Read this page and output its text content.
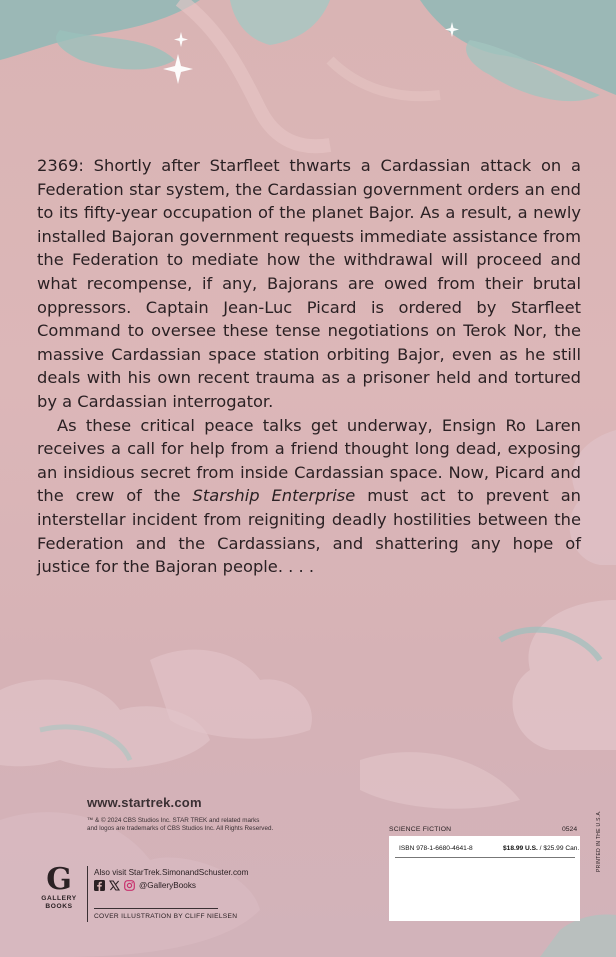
2369: Shortly after Starfleet thwarts a Cardassian attack on a Federation star system, the Cardassian government orders an end to its fifty-year occupation of the planet Bajor. As a result, a newly installed Bajoran government requests immediate assistance from the Federation to mediate how the withdrawal will proceed and what recompense, if any, Bajorans are owed from their brutal oppressors. Captain Jean-Luc Picard is ordered by Starfleet Command to oversee these tense negotiations on Terok Nor, the massive Cardassian space station orbiting Bajor, even as he still deals with his own recent trauma as a prisoner held and tortured by a Cardassian interrogator.

As these critical peace talks get underway, Ensign Ro Laren receives a call for help from a friend thought long dead, exposing an insidious secret from inside Cardassian space. Now, Picard and the crew of the Starship Enterprise must act to prevent an interstellar incident from reigniting deadly hostilities between the Federation and the Cardassians, and shattering any hope of justice for the Bajoran people. . . .

www.startrek.com
™ & © 2024 CBS Studios Inc. STAR TREK and related marks
and logos are trademarks of CBS Studios Inc. All Rights Reserved.
G
GALLERY
BOOKS
Also visit StarTrek.SimonandSchuster.com
@GalleryBooks
COVER ILLUSTRATION BY CLIFF NIELSEN
SCIENCE FICTION	0524
ISBN 978-1-6680-4641-8	$18.99 U.S. / $25.99 Can.	PRINTED IN THE U.S.A.
